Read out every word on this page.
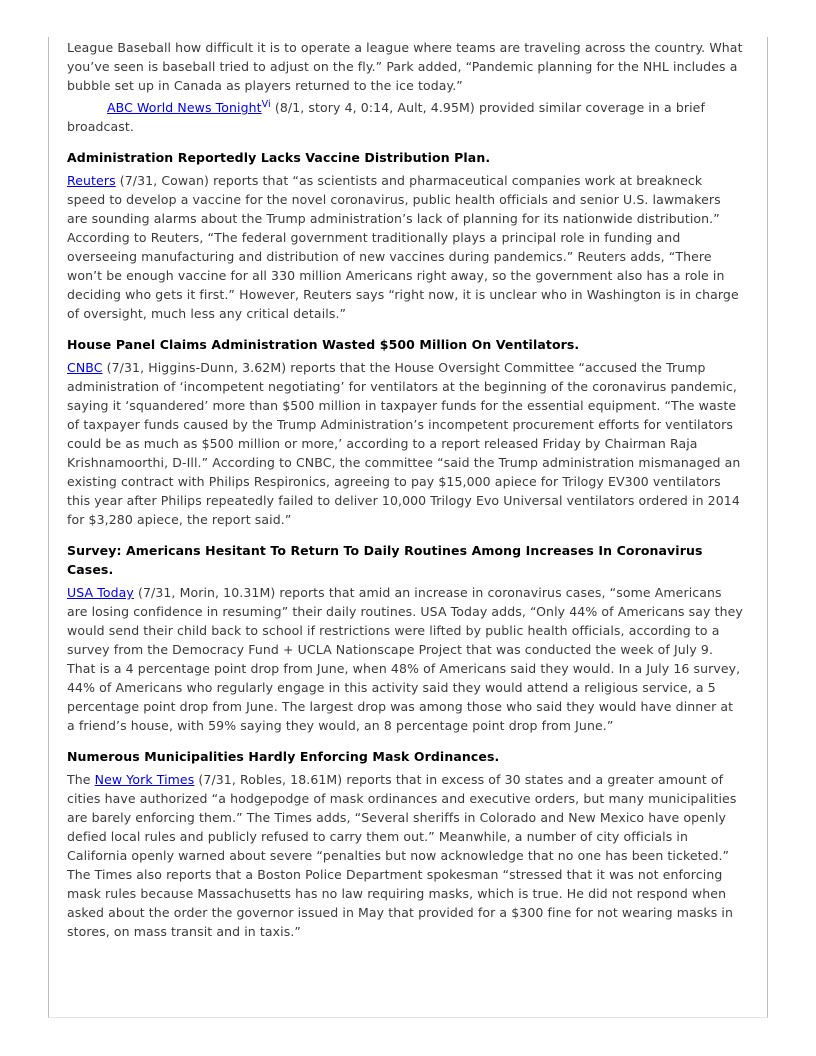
League Baseball how difficult it is to operate a league where teams are traveling across the country. What you’ve seen is baseball tried to adjust on the fly.” Park added, “Pandemic planning for the NHL includes a bubble set up in Canada as players returned to the ice today.”

ABC World News Tonight$^{Vi}$ (8/1, story 4, 0:14, Ault, 4.95M) provided similar coverage in a brief broadcast.

Administration Reportedly Lacks Vaccine Distribution Plan.

Reuters (7/31, Cowan) reports that “as scientists and pharmaceutical companies work at breakneck speed to develop a vaccine for the novel coronavirus, public health officials and senior U.S. lawmakers are sounding alarms about the Trump administration’s lack of planning for its nationwide distribution.” According to Reuters, “The federal government traditionally plays a principal role in funding and overseeing manufacturing and distribution of new vaccines during pandemics.” Reuters adds, “There won’t be enough vaccine for all 330 million Americans right away, so the government also has a role in deciding who gets it first.” However, Reuters says “right now, it is unclear who in Washington is in charge of oversight, much less any critical details.”

House Panel Claims Administration Wasted $500 Million On Ventilators.

CNBC (7/31, Higgins-Dunn, 3.62M) reports that the House Oversight Committee “accused the Trump administration of ‘incompetent negotiating’ for ventilators at the beginning of the coronavirus pandemic, saying it ‘squandered’ more than $500 million in taxpayer funds for the essential equipment. “The waste of taxpayer funds caused by the Trump Administration’s incompetent procurement efforts for ventilators could be as much as $500 million or more,’ according to a report released Friday by Chairman Raja Krishnamoorthi, D-Ill.” According to CNBC, the committee “said the Trump administration mismanaged an existing contract with Philips Respironics, agreeing to pay $15,000 apiece for Trilogy EV300 ventilators this year after Philips repeatedly failed to deliver 10,000 Trilogy Evo Universal ventilators ordered in 2014 for $3,280 apiece, the report said.”

Survey: Americans Hesitant To Return To Daily Routines Among Increases In Coronavirus Cases.

USA Today (7/31, Morin, 10.31M) reports that amid an increase in coronavirus cases, “some Americans are losing confidence in resuming” their daily routines. USA Today adds, “Only 44% of Americans say they would send their child back to school if restrictions were lifted by public health officials, according to a survey from the Democracy Fund + UCLA Nationscape Project that was conducted the week of July 9. That is a 4 percentage point drop from June, when 48% of Americans said they would. In a July 16 survey, 44% of Americans who regularly engage in this activity said they would attend a religious service, a 5 percentage point drop from June. The largest drop was among those who said they would have dinner at a friend’s house, with 59% saying they would, an 8 percentage point drop from June.”

Numerous Municipalities Hardly Enforcing Mask Ordinances.

The New York Times (7/31, Robles, 18.61M) reports that in excess of 30 states and a greater amount of cities have authorized “a hodgepodge of mask ordinances and executive orders, but many municipalities are barely enforcing them.” The Times adds, “Several sheriffs in Colorado and New Mexico have openly defied local rules and publicly refused to carry them out.” Meanwhile, a number of city officials in California openly warned about severe “penalties but now acknowledge that no one has been ticketed.” The Times also reports that a Boston Police Department spokesman “stressed that it was not enforcing mask rules because Massachusetts has no law requiring masks, which is true. He did not respond when asked about the order the governor issued in May that provided for a $300 fine for not wearing masks in stores, on mass transit and in taxis.”
